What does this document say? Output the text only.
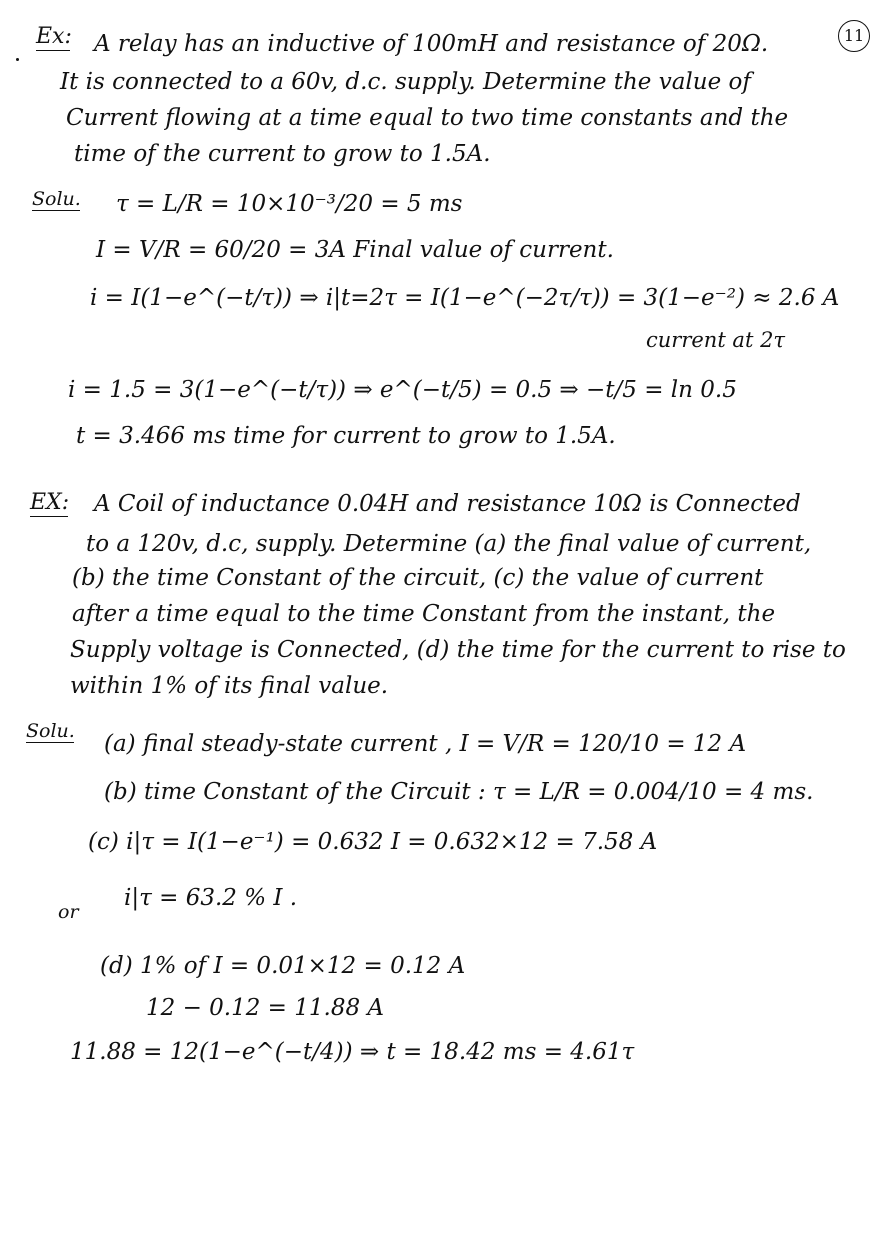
11
Ex: A relay has an inductive of 100mH and resistance of 20Ω.
It is connected to a 60v, d.c. supply. Determine the value of
Current flowing at a time equal to two time constants and the
time of the current to grow to 1.5A.
Solu. τ = L/R = 10×10⁻³/20 = 5 ms
I = V/R = 60/20 = 3A Final value of current.
i = I(1−e^(−t/τ)) ⇒ i|t=2τ = I(1−e^(−2τ/τ)) = 3(1−e⁻²) ≈ 2.6 A
current at 2τ
i = 1.5 = 3(1−e^(−t/τ)) ⇒ e^(−t/5) = 0.5 ⇒ −t/5 = ln 0.5
t = 3.466 ms time for current to grow to 1.5A.
EX: A Coil of inductance 0.04H and resistance 10Ω is Connected
to a 120v, d.c, supply. Determine (a) the final value of current,
(b) the time Constant of the circuit, (c) the value of current
after a time equal to the time Constant from the instant, the
Supply voltage is Connected, (d) the time for the current to rise to
within 1% of its final value.
Solu. (a) final steady-state current , I = V/R = 120/10 = 12 A
(b) time Constant of the Circuit : τ = L/R = 0.004/10 = 4 ms.
(c) i|τ = I(1−e⁻¹) = 0.632 I = 0.632×12 = 7.58 A
or
i|τ = 63.2 % I .
(d) 1% of I = 0.01×12 = 0.12 A
12 − 0.12 = 11.88 A
11.88 = 12(1−e^(−t/4)) ⇒ t = 18.42 ms = 4.61τ
